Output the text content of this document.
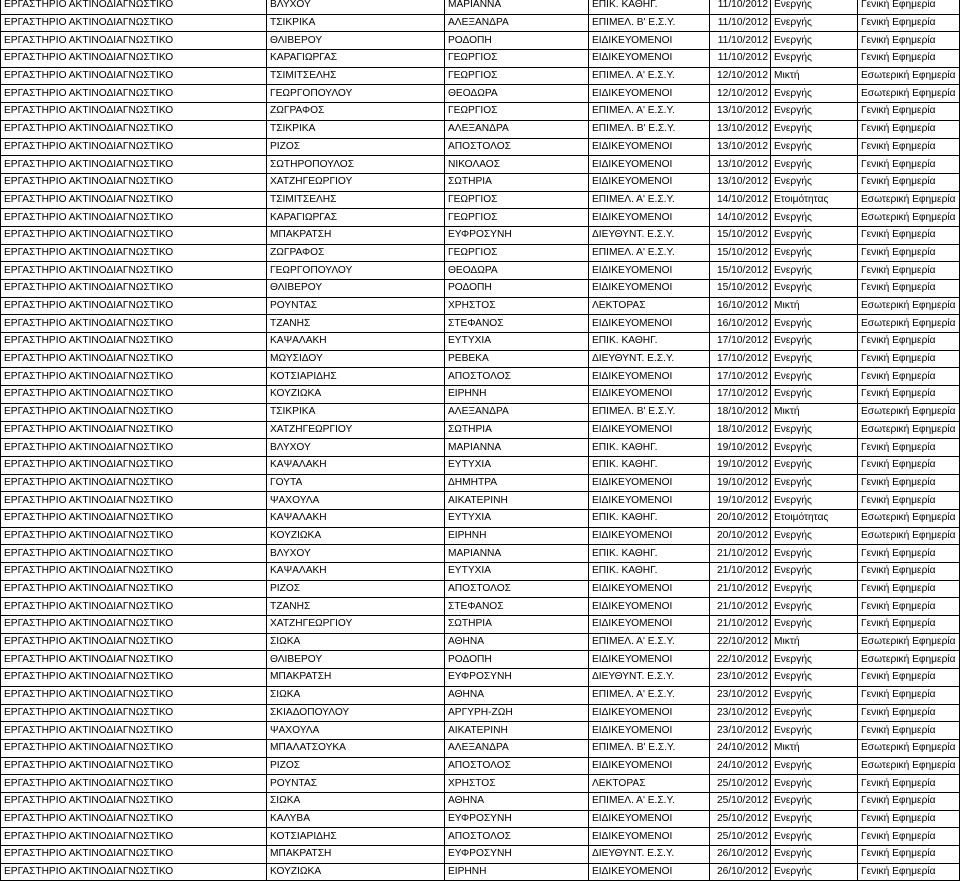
ΕΡΓΑΣΤΗΡΙΟ ΑΚΤΙΝΟΔΙΑΓΝΩΣΤΙΚΟ	ΒΛΥΧΟΥ	ΜΑΡΙΑΝΝΑ	ΕΠΙΚ. ΚΑΘΗΓ.	11/10/2012	Ενεργής	Γενική Εφημερία
ΕΡΓΑΣΤΗΡΙΟ ΑΚΤΙΝΟΔΙΑΓΝΩΣΤΙΚΟ	ΤΣΙΚΡΙΚΑ	ΑΛΕΞΑΝΔΡΑ	ΕΠΙΜΕΛ. Β' Ε.Σ.Υ.	11/10/2012	Ενεργής	Γενική Εφημερία
ΕΡΓΑΣΤΗΡΙΟ ΑΚΤΙΝΟΔΙΑΓΝΩΣΤΙΚΟ	ΘΛΙΒΕΡΟΥ	ΡΟΔΟΠΗ	ΕΙΔΙΚΕΥΟΜΕΝΟΙ	11/10/2012	Ενεργής	Γενική Εφημερία
ΕΡΓΑΣΤΗΡΙΟ ΑΚΤΙΝΟΔΙΑΓΝΩΣΤΙΚΟ	ΚΑΡΑΓΙΩΡΓΑΣ	ΓΕΩΡΓΙΟΣ	ΕΙΔΙΚΕΥΟΜΕΝΟΙ	11/10/2012	Ενεργής	Γενική Εφημερία
ΕΡΓΑΣΤΗΡΙΟ ΑΚΤΙΝΟΔΙΑΓΝΩΣΤΙΚΟ	ΤΣΙΜΙΤΣΕΛΗΣ	ΓΕΩΡΓΙΟΣ	ΕΠΙΜΕΛ. Α' Ε.Σ.Υ.	12/10/2012	Μικτή	Εσωτερική Εφημερία
ΕΡΓΑΣΤΗΡΙΟ ΑΚΤΙΝΟΔΙΑΓΝΩΣΤΙΚΟ	ΓΕΩΡΓΟΠΟΥΛΟΥ	ΘΕΟΔΩΡΑ	ΕΙΔΙΚΕΥΟΜΕΝΟΙ	12/10/2012	Ενεργής	Εσωτερική Εφημερία
ΕΡΓΑΣΤΗΡΙΟ ΑΚΤΙΝΟΔΙΑΓΝΩΣΤΙΚΟ	ΖΩΓΡΑΦΟΣ	ΓΕΩΡΓΙΟΣ	ΕΠΙΜΕΛ. Α' Ε.Σ.Υ.	13/10/2012	Ενεργής	Γενική Εφημερία
ΕΡΓΑΣΤΗΡΙΟ ΑΚΤΙΝΟΔΙΑΓΝΩΣΤΙΚΟ	ΤΣΙΚΡΙΚΑ	ΑΛΕΞΑΝΔΡΑ	ΕΠΙΜΕΛ. Β' Ε.Σ.Υ.	13/10/2012	Ενεργής	Γενική Εφημερία
ΕΡΓΑΣΤΗΡΙΟ ΑΚΤΙΝΟΔΙΑΓΝΩΣΤΙΚΟ	ΡΙΖΟΣ	ΑΠΟΣΤΟΛΟΣ	ΕΙΔΙΚΕΥΟΜΕΝΟΙ	13/10/2012	Ενεργής	Γενική Εφημερία
ΕΡΓΑΣΤΗΡΙΟ ΑΚΤΙΝΟΔΙΑΓΝΩΣΤΙΚΟ	ΣΩΤΗΡΟΠΟΥΛΟΣ	ΝΙΚΟΛΑΟΣ	ΕΙΔΙΚΕΥΟΜΕΝΟΙ	13/10/2012	Ενεργής	Γενική Εφημερία
ΕΡΓΑΣΤΗΡΙΟ ΑΚΤΙΝΟΔΙΑΓΝΩΣΤΙΚΟ	ΧΑΤΖΗΓΕΩΡΓΙΟΥ	ΣΩΤΗΡΙΑ	ΕΙΔΙΚΕΥΟΜΕΝΟΙ	13/10/2012	Ενεργής	Γενική Εφημερία
ΕΡΓΑΣΤΗΡΙΟ ΑΚΤΙΝΟΔΙΑΓΝΩΣΤΙΚΟ	ΤΣΙΜΙΤΣΕΛΗΣ	ΓΕΩΡΓΙΟΣ	ΕΠΙΜΕΛ. Α' Ε.Σ.Υ.	14/10/2012	Ετοιμότητας	Εσωτερική Εφημερία
ΕΡΓΑΣΤΗΡΙΟ ΑΚΤΙΝΟΔΙΑΓΝΩΣΤΙΚΟ	ΚΑΡΑΓΙΩΡΓΑΣ	ΓΕΩΡΓΙΟΣ	ΕΙΔΙΚΕΥΟΜΕΝΟΙ	14/10/2012	Ενεργής	Εσωτερική Εφημερία
ΕΡΓΑΣΤΗΡΙΟ ΑΚΤΙΝΟΔΙΑΓΝΩΣΤΙΚΟ	ΜΠΑΚΡΑΤΣΗ	ΕΥΦΡΟΣΥΝΗ	ΔΙΕΥΘΥΝΤ. Ε.Σ.Υ.	15/10/2012	Ενεργής	Γενική Εφημερία
ΕΡΓΑΣΤΗΡΙΟ ΑΚΤΙΝΟΔΙΑΓΝΩΣΤΙΚΟ	ΖΩΓΡΑΦΟΣ	ΓΕΩΡΓΙΟΣ	ΕΠΙΜΕΛ. Α' Ε.Σ.Υ.	15/10/2012	Ενεργής	Γενική Εφημερία
ΕΡΓΑΣΤΗΡΙΟ ΑΚΤΙΝΟΔΙΑΓΝΩΣΤΙΚΟ	ΓΕΩΡΓΟΠΟΥΛΟΥ	ΘΕΟΔΩΡΑ	ΕΙΔΙΚΕΥΟΜΕΝΟΙ	15/10/2012	Ενεργής	Γενική Εφημερία
ΕΡΓΑΣΤΗΡΙΟ ΑΚΤΙΝΟΔΙΑΓΝΩΣΤΙΚΟ	ΘΛΙΒΕΡΟΥ	ΡΟΔΟΠΗ	ΕΙΔΙΚΕΥΟΜΕΝΟΙ	15/10/2012	Ενεργής	Γενική Εφημερία
ΕΡΓΑΣΤΗΡΙΟ ΑΚΤΙΝΟΔΙΑΓΝΩΣΤΙΚΟ	ΡΟΥΝΤΑΣ	ΧΡΗΣΤΟΣ	ΛΕΚΤΟΡΑΣ	16/10/2012	Μικτή	Εσωτερική Εφημερία
ΕΡΓΑΣΤΗΡΙΟ ΑΚΤΙΝΟΔΙΑΓΝΩΣΤΙΚΟ	ΤΖΑΝΗΣ	ΣΤΕΦΑΝΟΣ	ΕΙΔΙΚΕΥΟΜΕΝΟΙ	16/10/2012	Ενεργής	Εσωτερική Εφημερία
ΕΡΓΑΣΤΗΡΙΟ ΑΚΤΙΝΟΔΙΑΓΝΩΣΤΙΚΟ	ΚΑΨΑΛΑΚΗ	ΕΥΤΥΧΙΑ	ΕΠΙΚ. ΚΑΘΗΓ.	17/10/2012	Ενεργής	Γενική Εφημερία
ΕΡΓΑΣΤΗΡΙΟ ΑΚΤΙΝΟΔΙΑΓΝΩΣΤΙΚΟ	ΜΩΥΣΙΔΟΥ	ΡΕΒΕΚΑ	ΔΙΕΥΘΥΝΤ. Ε.Σ.Υ.	17/10/2012	Ενεργής	Γενική Εφημερία
ΕΡΓΑΣΤΗΡΙΟ ΑΚΤΙΝΟΔΙΑΓΝΩΣΤΙΚΟ	ΚΟΤΣΙΑΡΙΔΗΣ	ΑΠΟΣΤΟΛΟΣ	ΕΙΔΙΚΕΥΟΜΕΝΟΙ	17/10/2012	Ενεργής	Γενική Εφημερία
ΕΡΓΑΣΤΗΡΙΟ ΑΚΤΙΝΟΔΙΑΓΝΩΣΤΙΚΟ	ΚΟΥΖΙΩΚΑ	ΕΙΡΗΝΗ	ΕΙΔΙΚΕΥΟΜΕΝΟΙ	17/10/2012	Ενεργής	Γενική Εφημερία
ΕΡΓΑΣΤΗΡΙΟ ΑΚΤΙΝΟΔΙΑΓΝΩΣΤΙΚΟ	ΤΣΙΚΡΙΚΑ	ΑΛΕΞΑΝΔΡΑ	ΕΠΙΜΕΛ. Β' Ε.Σ.Υ.	18/10/2012	Μικτή	Εσωτερική Εφημερία
ΕΡΓΑΣΤΗΡΙΟ ΑΚΤΙΝΟΔΙΑΓΝΩΣΤΙΚΟ	ΧΑΤΖΗΓΕΩΡΓΙΟΥ	ΣΩΤΗΡΙΑ	ΕΙΔΙΚΕΥΟΜΕΝΟΙ	18/10/2012	Ενεργής	Εσωτερική Εφημερία
ΕΡΓΑΣΤΗΡΙΟ ΑΚΤΙΝΟΔΙΑΓΝΩΣΤΙΚΟ	ΒΛΥΧΟΥ	ΜΑΡΙΑΝΝΑ	ΕΠΙΚ. ΚΑΘΗΓ.	19/10/2012	Ενεργής	Γενική Εφημερία
ΕΡΓΑΣΤΗΡΙΟ ΑΚΤΙΝΟΔΙΑΓΝΩΣΤΙΚΟ	ΚΑΨΑΛΑΚΗ	ΕΥΤΥΧΙΑ	ΕΠΙΚ. ΚΑΘΗΓ.	19/10/2012	Ενεργής	Γενική Εφημερία
ΕΡΓΑΣΤΗΡΙΟ ΑΚΤΙΝΟΔΙΑΓΝΩΣΤΙΚΟ	ΓΟΥΤΑ	ΔΗΜΗΤΡΑ	ΕΙΔΙΚΕΥΟΜΕΝΟΙ	19/10/2012	Ενεργής	Γενική Εφημερία
ΕΡΓΑΣΤΗΡΙΟ ΑΚΤΙΝΟΔΙΑΓΝΩΣΤΙΚΟ	ΨΑΧΟΥΛΑ	ΑΙΚΑΤΕΡΙΝΗ	ΕΙΔΙΚΕΥΟΜΕΝΟΙ	19/10/2012	Ενεργής	Γενική Εφημερία
ΕΡΓΑΣΤΗΡΙΟ ΑΚΤΙΝΟΔΙΑΓΝΩΣΤΙΚΟ	ΚΑΨΑΛΑΚΗ	ΕΥΤΥΧΙΑ	ΕΠΙΚ. ΚΑΘΗΓ.	20/10/2012	Ετοιμότητας	Εσωτερική Εφημερία
ΕΡΓΑΣΤΗΡΙΟ ΑΚΤΙΝΟΔΙΑΓΝΩΣΤΙΚΟ	ΚΟΥΖΙΩΚΑ	ΕΙΡΗΝΗ	ΕΙΔΙΚΕΥΟΜΕΝΟΙ	20/10/2012	Ενεργής	Εσωτερική Εφημερία
ΕΡΓΑΣΤΗΡΙΟ ΑΚΤΙΝΟΔΙΑΓΝΩΣΤΙΚΟ	ΒΛΥΧΟΥ	ΜΑΡΙΑΝΝΑ	ΕΠΙΚ. ΚΑΘΗΓ.	21/10/2012	Ενεργής	Γενική Εφημερία
ΕΡΓΑΣΤΗΡΙΟ ΑΚΤΙΝΟΔΙΑΓΝΩΣΤΙΚΟ	ΚΑΨΑΛΑΚΗ	ΕΥΤΥΧΙΑ	ΕΠΙΚ. ΚΑΘΗΓ.	21/10/2012	Ενεργής	Γενική Εφημερία
ΕΡΓΑΣΤΗΡΙΟ ΑΚΤΙΝΟΔΙΑΓΝΩΣΤΙΚΟ	ΡΙΖΟΣ	ΑΠΟΣΤΟΛΟΣ	ΕΙΔΙΚΕΥΟΜΕΝΟΙ	21/10/2012	Ενεργής	Γενική Εφημερία
ΕΡΓΑΣΤΗΡΙΟ ΑΚΤΙΝΟΔΙΑΓΝΩΣΤΙΚΟ	ΤΖΑΝΗΣ	ΣΤΕΦΑΝΟΣ	ΕΙΔΙΚΕΥΟΜΕΝΟΙ	21/10/2012	Ενεργής	Γενική Εφημερία
ΕΡΓΑΣΤΗΡΙΟ ΑΚΤΙΝΟΔΙΑΓΝΩΣΤΙΚΟ	ΧΑΤΖΗΓΕΩΡΓΙΟΥ	ΣΩΤΗΡΙΑ	ΕΙΔΙΚΕΥΟΜΕΝΟΙ	21/10/2012	Ενεργής	Γενική Εφημερία
ΕΡΓΑΣΤΗΡΙΟ ΑΚΤΙΝΟΔΙΑΓΝΩΣΤΙΚΟ	ΣΙΩΚΑ	ΑΘΗΝΑ	ΕΠΙΜΕΛ. Α' Ε.Σ.Υ.	22/10/2012	Μικτή	Εσωτερική Εφημερία
ΕΡΓΑΣΤΗΡΙΟ ΑΚΤΙΝΟΔΙΑΓΝΩΣΤΙΚΟ	ΘΛΙΒΕΡΟΥ	ΡΟΔΟΠΗ	ΕΙΔΙΚΕΥΟΜΕΝΟΙ	22/10/2012	Ενεργής	Εσωτερική Εφημερία
ΕΡΓΑΣΤΗΡΙΟ ΑΚΤΙΝΟΔΙΑΓΝΩΣΤΙΚΟ	ΜΠΑΚΡΑΤΣΗ	ΕΥΦΡΟΣΥΝΗ	ΔΙΕΥΘΥΝΤ. Ε.Σ.Υ.	23/10/2012	Ενεργής	Γενική Εφημερία
ΕΡΓΑΣΤΗΡΙΟ ΑΚΤΙΝΟΔΙΑΓΝΩΣΤΙΚΟ	ΣΙΩΚΑ	ΑΘΗΝΑ	ΕΠΙΜΕΛ. Α' Ε.Σ.Υ.	23/10/2012	Ενεργής	Γενική Εφημερία
ΕΡΓΑΣΤΗΡΙΟ ΑΚΤΙΝΟΔΙΑΓΝΩΣΤΙΚΟ	ΣΚΙΑΔΟΠΟΥΛΟΥ	ΑΡΓΥΡΗ-ΖΩΗ	ΕΙΔΙΚΕΥΟΜΕΝΟΙ	23/10/2012	Ενεργής	Γενική Εφημερία
ΕΡΓΑΣΤΗΡΙΟ ΑΚΤΙΝΟΔΙΑΓΝΩΣΤΙΚΟ	ΨΑΧΟΥΛΑ	ΑΙΚΑΤΕΡΙΝΗ	ΕΙΔΙΚΕΥΟΜΕΝΟΙ	23/10/2012	Ενεργής	Γενική Εφημερία
ΕΡΓΑΣΤΗΡΙΟ ΑΚΤΙΝΟΔΙΑΓΝΩΣΤΙΚΟ	ΜΠΑΛΑΤΣΟΥΚΑ	ΑΛΕΞΑΝΔΡΑ	ΕΠΙΜΕΛ. Β' Ε.Σ.Υ.	24/10/2012	Μικτή	Εσωτερική Εφημερία
ΕΡΓΑΣΤΗΡΙΟ ΑΚΤΙΝΟΔΙΑΓΝΩΣΤΙΚΟ	ΡΙΖΟΣ	ΑΠΟΣΤΟΛΟΣ	ΕΙΔΙΚΕΥΟΜΕΝΟΙ	24/10/2012	Ενεργής	Εσωτερική Εφημερία
ΕΡΓΑΣΤΗΡΙΟ ΑΚΤΙΝΟΔΙΑΓΝΩΣΤΙΚΟ	ΡΟΥΝΤΑΣ	ΧΡΗΣΤΟΣ	ΛΕΚΤΟΡΑΣ	25/10/2012	Ενεργής	Γενική Εφημερία
ΕΡΓΑΣΤΗΡΙΟ ΑΚΤΙΝΟΔΙΑΓΝΩΣΤΙΚΟ	ΣΙΩΚΑ	ΑΘΗΝΑ	ΕΠΙΜΕΛ. Α' Ε.Σ.Υ.	25/10/2012	Ενεργής	Γενική Εφημερία
ΕΡΓΑΣΤΗΡΙΟ ΑΚΤΙΝΟΔΙΑΓΝΩΣΤΙΚΟ	ΚΑΛΥΒΑ	ΕΥΦΡΟΣΥΝΗ	ΕΙΔΙΚΕΥΟΜΕΝΟΙ	25/10/2012	Ενεργής	Γενική Εφημερία
ΕΡΓΑΣΤΗΡΙΟ ΑΚΤΙΝΟΔΙΑΓΝΩΣΤΙΚΟ	ΚΟΤΣΙΑΡΙΔΗΣ	ΑΠΟΣΤΟΛΟΣ	ΕΙΔΙΚΕΥΟΜΕΝΟΙ	25/10/2012	Ενεργής	Γενική Εφημερία
ΕΡΓΑΣΤΗΡΙΟ ΑΚΤΙΝΟΔΙΑΓΝΩΣΤΙΚΟ	ΜΠΑΚΡΑΤΣΗ	ΕΥΦΡΟΣΥΝΗ	ΔΙΕΥΘΥΝΤ. Ε.Σ.Υ.	26/10/2012	Ενεργής	Γενική Εφημερία
ΕΡΓΑΣΤΗΡΙΟ ΑΚΤΙΝΟΔΙΑΓΝΩΣΤΙΚΟ	ΚΟΥΖΙΩΚΑ	ΕΙΡΗΝΗ	ΕΙΔΙΚΕΥΟΜΕΝΟΙ	26/10/2012	Ενεργής	Γενική Εφημερία
